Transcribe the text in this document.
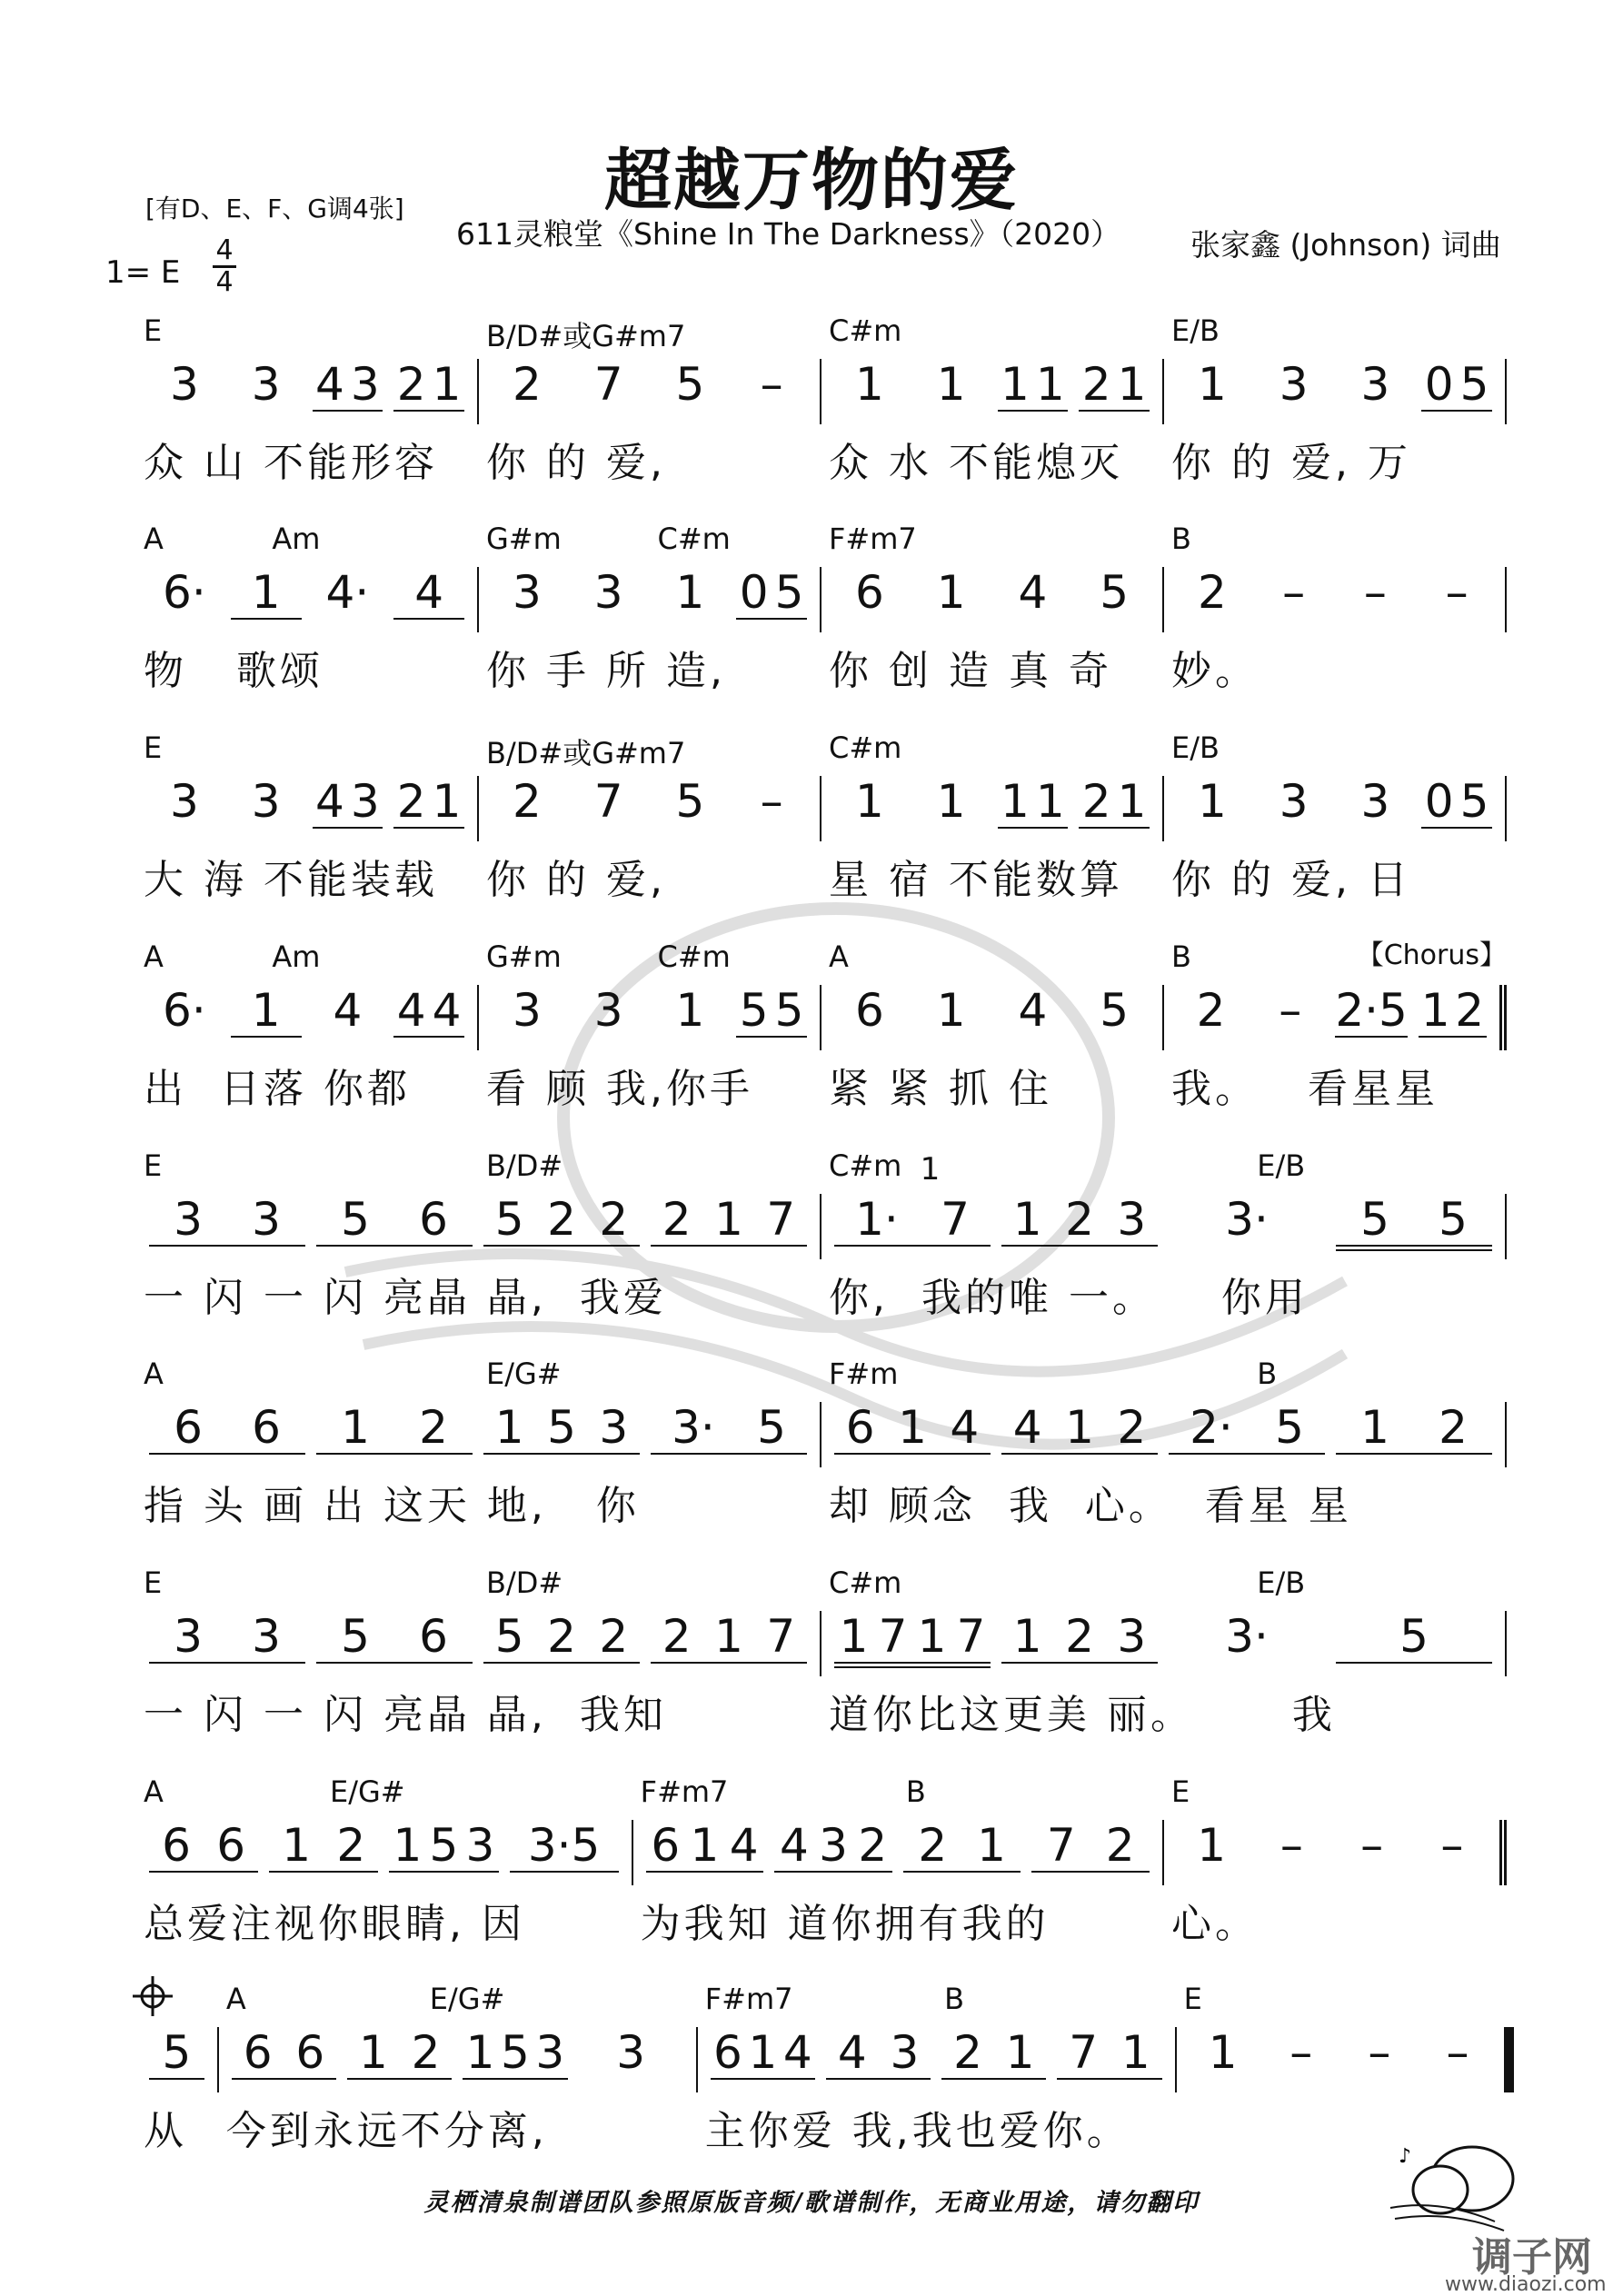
超越万物的爱
[有D、E、F、G调4张]
611灵粮堂《Shine In The Darkness》（2020） 张家鑫 (Johnson) 词曲
1= E
4
4
E
3 3 4 3 2 1
众 山 不能形容
B/D#或G#m7
2 7 5 –
你 的 爱,
C#m
1 1 1 1 2 1
众 水 不能熄灭
E/B
1 3 3 0 5
你 的 爱, 万
A	Am
6· 1 4· 4
物   歌颂
G#m	C#m
3 3 1 0 5
你 手 所 造,
F#m7
6 1 4 5
你 创 造 真 奇
B
2 – – –
妙。
E
3 3 4 3 2 1
大 海 不能装载
B/D#或G#m7
2 7 5 –
你 的 爱,
C#m
1 1 1 1 2 1
星 宿 不能数算
E/B
1 3 3 0 5
你 的 爱, 日
【Chorus】
A	Am
6· 1 4 4 4
出  日落 你都
G#m	C#m
3 3 1 5 5
看 顾 我,你手
A
6 1 4 5
紧 紧 抓 住
B
2 – 2·5 1 2
我。   看星星
E	B/D#
3 3 5 6 5 2 2 2 1 7
一 闪 一 闪 亮晶 晶,  我爱
C#m	E/B
1· 7
1
1 2 3 3· 5 5
你,  我的唯 一。    你用
A	E/G#
6 6 1 2 1 5 3 3· 5
指 头 画 出 这天 地,   你
F#m	B
6 1 4 4 1 2 2· 5 1 2
却 顾念  我  心。  看星 星
E	B/D#
3 3 5 6 5 2 2 2 1 7
一 闪 一 闪 亮晶 晶,  我知
C#m	E/B
1 7 1 7 1 2 3 3·	5
道你比这更美 丽。      我
A	E/G#
6 6 1 2 1 5 3 3·5
总爱注视你眼睛, 因
F#m7	B
6 1 4 4 3 2 2 1 7 2
为我知 道你拥有我的
E
1 – – –
心。
5
从
A	E/G#
6 6 1 2 1 5 3 3
今到永远不分离,
F#m7	B
6 1 4 4 3 2 1 7 1
主你爱 我,我也爱你。
E
1 – – –
灵栖清泉制谱团队参照原版音频/歌谱制作，无商业用途，请勿翻印
♪
调子网
www.diaozi.com
